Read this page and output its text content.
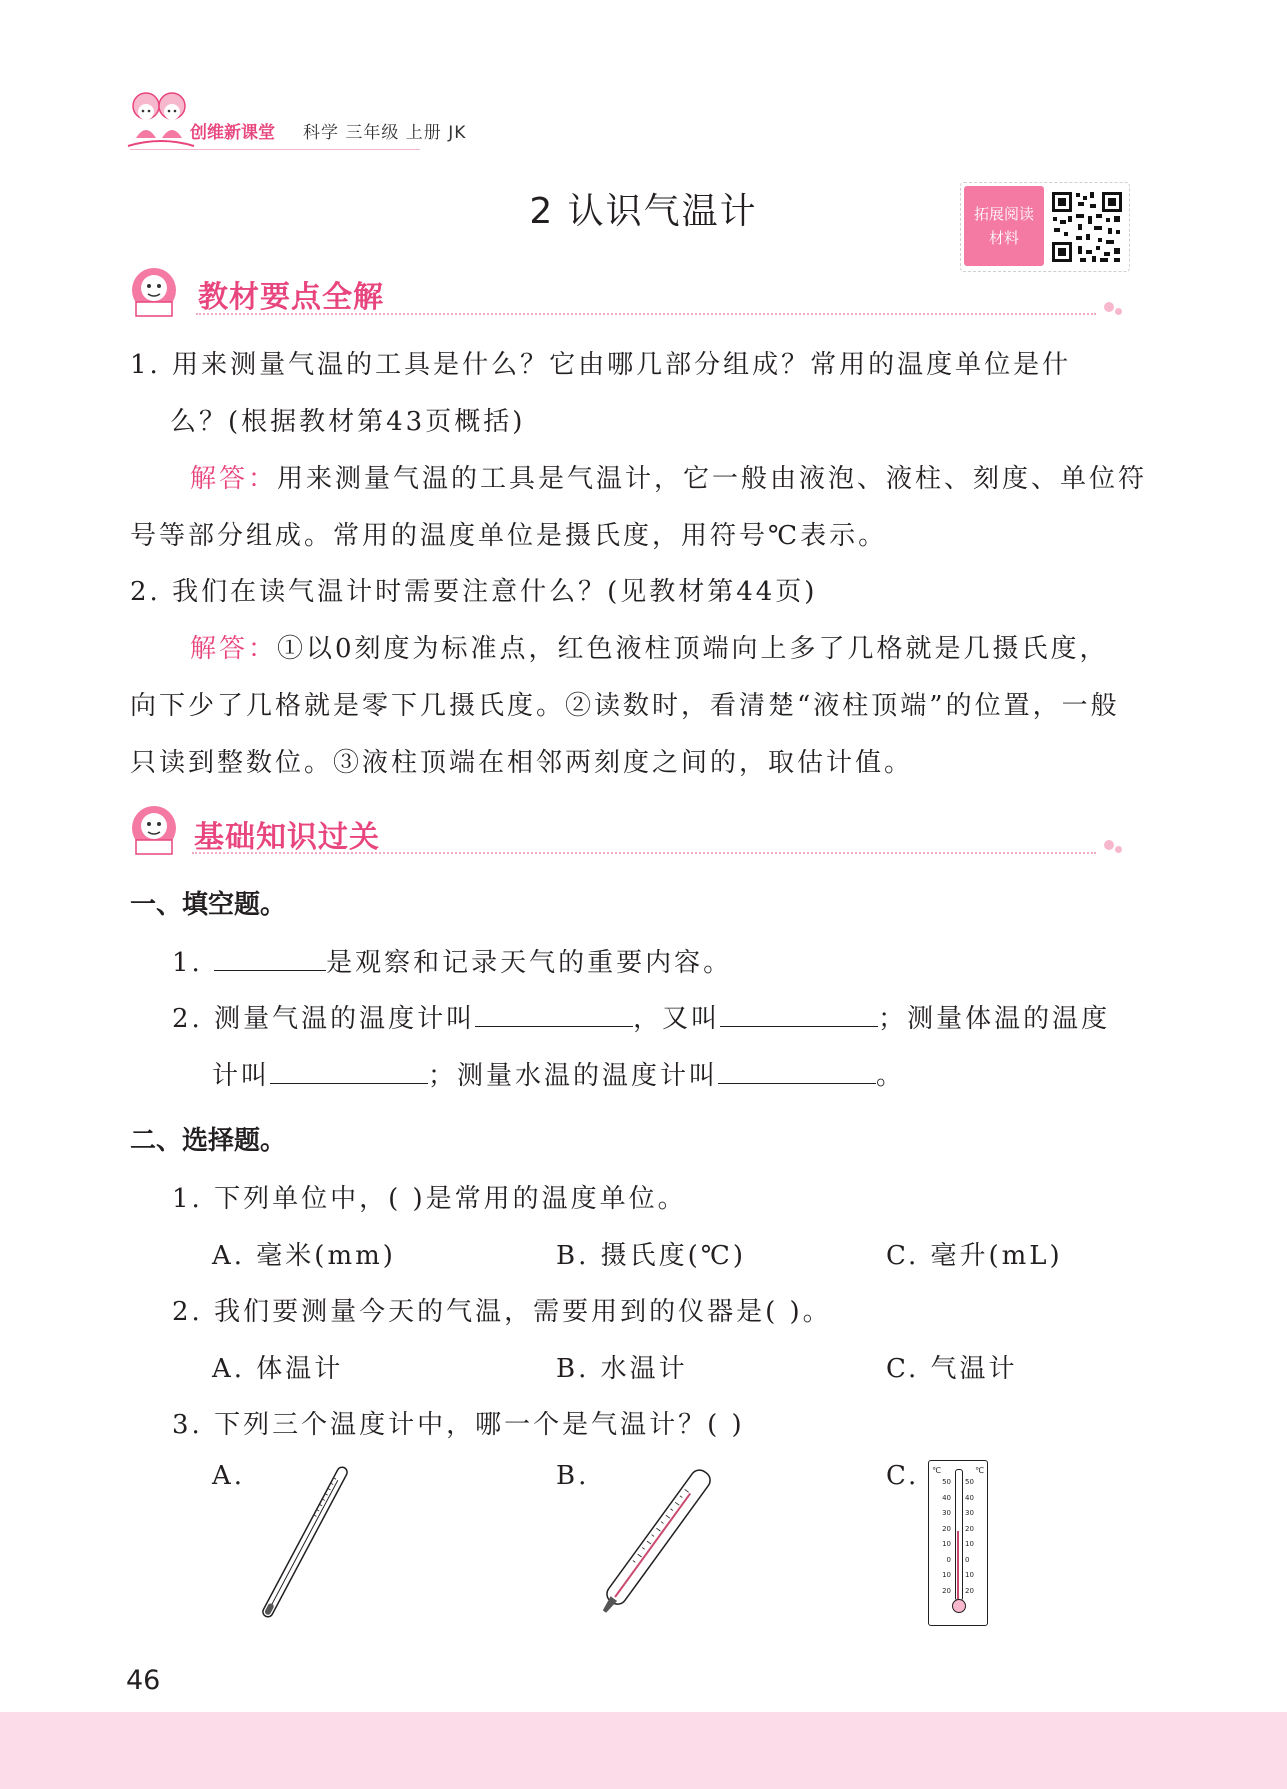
创维新课堂 科学 三年级 上册 JK
2 认识气温计	拓展阅读材料
教材要点全解
1. 用来测量气温的工具是什么？它由哪几部分组成？常用的温度单位是什
么？(根据教材第43页概括)
解答：用来测量气温的工具是气温计，它一般由液泡、液柱、刻度、单位符
号等部分组成。常用的温度单位是摄氏度，用符号℃表示。
2. 我们在读气温计时需要注意什么？(见教材第44页)
解答：①以0刻度为标准点，红色液柱顶端向上多了几格就是几摄氏度，
向下少了几格就是零下几摄氏度。②读数时，看清楚“液柱顶端”的位置，一般
只读到整数位。③液柱顶端在相邻两刻度之间的，取估计值。
基础知识过关
一、填空题。
1.	是观察和记录天气的重要内容。
2. 测量气温的温度计叫	，又叫	；测量体温的温度
计叫	；测量水温的温度计叫	。
二、选择题。
1. 下列单位中，( )是常用的温度单位。
A. 毫米(mm)	B. 摄氏度(℃)	C. 毫升(mL)
2. 我们要测量今天的气温，需要用到的仪器是( )。
A. 体温计	B. 水温计	C. 气温计
3. 下列三个温度计中，哪一个是气温计？( )
A.	B.	C. ℃	℃
50
40
30
20
10
0
10
20
50
40
30
20
10
0
10
20
46
